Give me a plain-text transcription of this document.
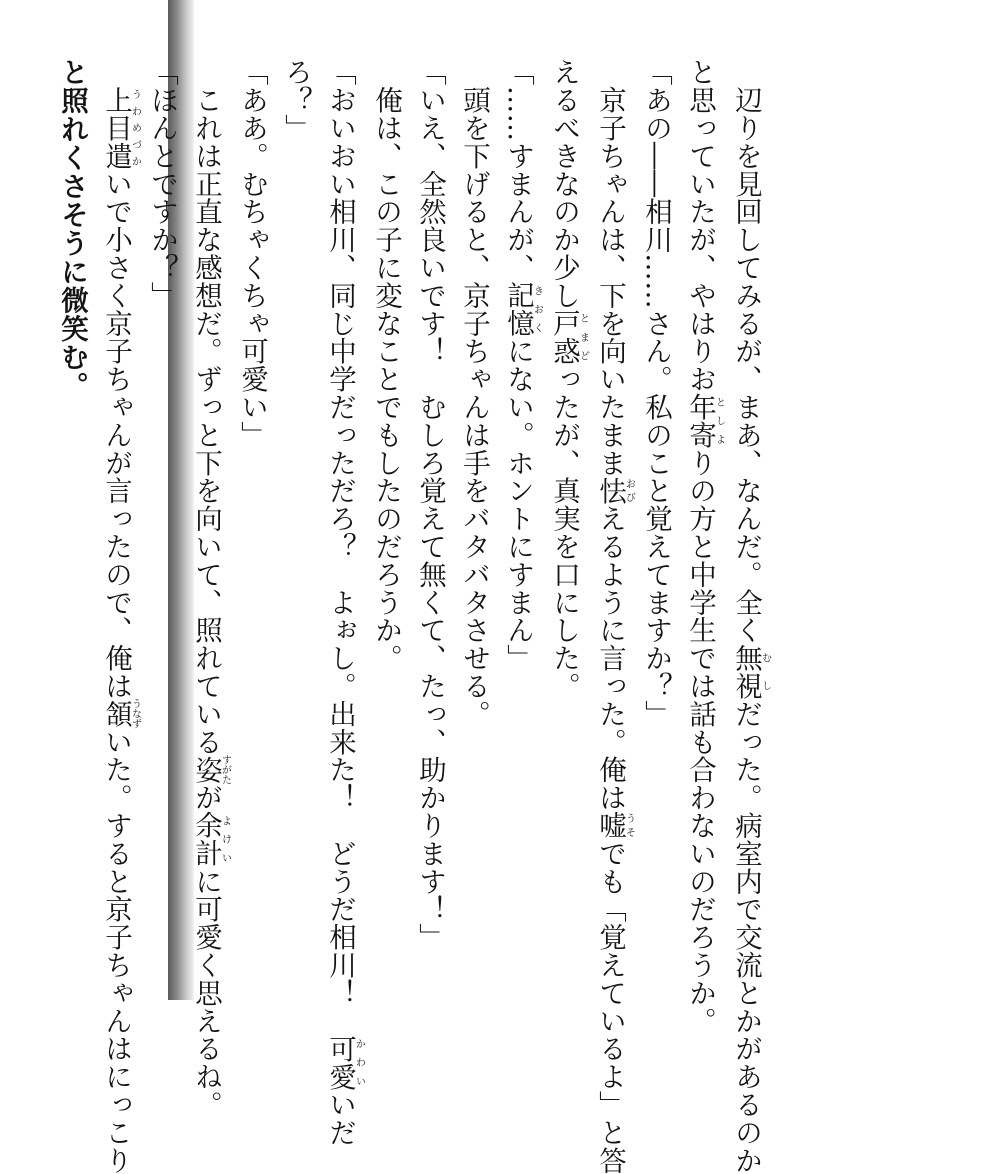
　辺りを見回してみるが、まあ、なんだ。全く無視むしだった。病室内で交流とかがあるのか

と思っていたが、やはりお年寄としよりの方と中学生では話も合わないのだろうか。

「あの――相川……さん。私のこと覚えてますか？」

　京子ちゃんは、下を向いたまま怯おびえるように言った。俺は嘘うそでも「覚えているよ」と答

えるべきなのか少し戸惑とまどったが、真実を口にした。

「……すまんが、記憶きおくにない。ホントにすまん」

　頭を下げると、京子ちゃんは手をバタバタさせる。

「いえ、全然良いです！　むしろ覚えて無くて、たっ、助かります！」

　俺は、この子に変なことでもしたのだろうか。

「おいおい相川、同じ中学だっただろ？　よぉし。出来た！　どうだ相川！　可愛かわいいだ

ろ？」

「ああ。むちゃくちゃ可愛い」

　これは正直な感想だ。ずっと下を向いて、照れている姿すがたが余計よけいに可愛く思えるね。

「ほんとですか？」

　上目遣うわめづかいで小さく京子ちゃんが言ったので、俺は頷うなずいた。すると京子ちゃんはにっこり

と照れくさそうに微笑む。
